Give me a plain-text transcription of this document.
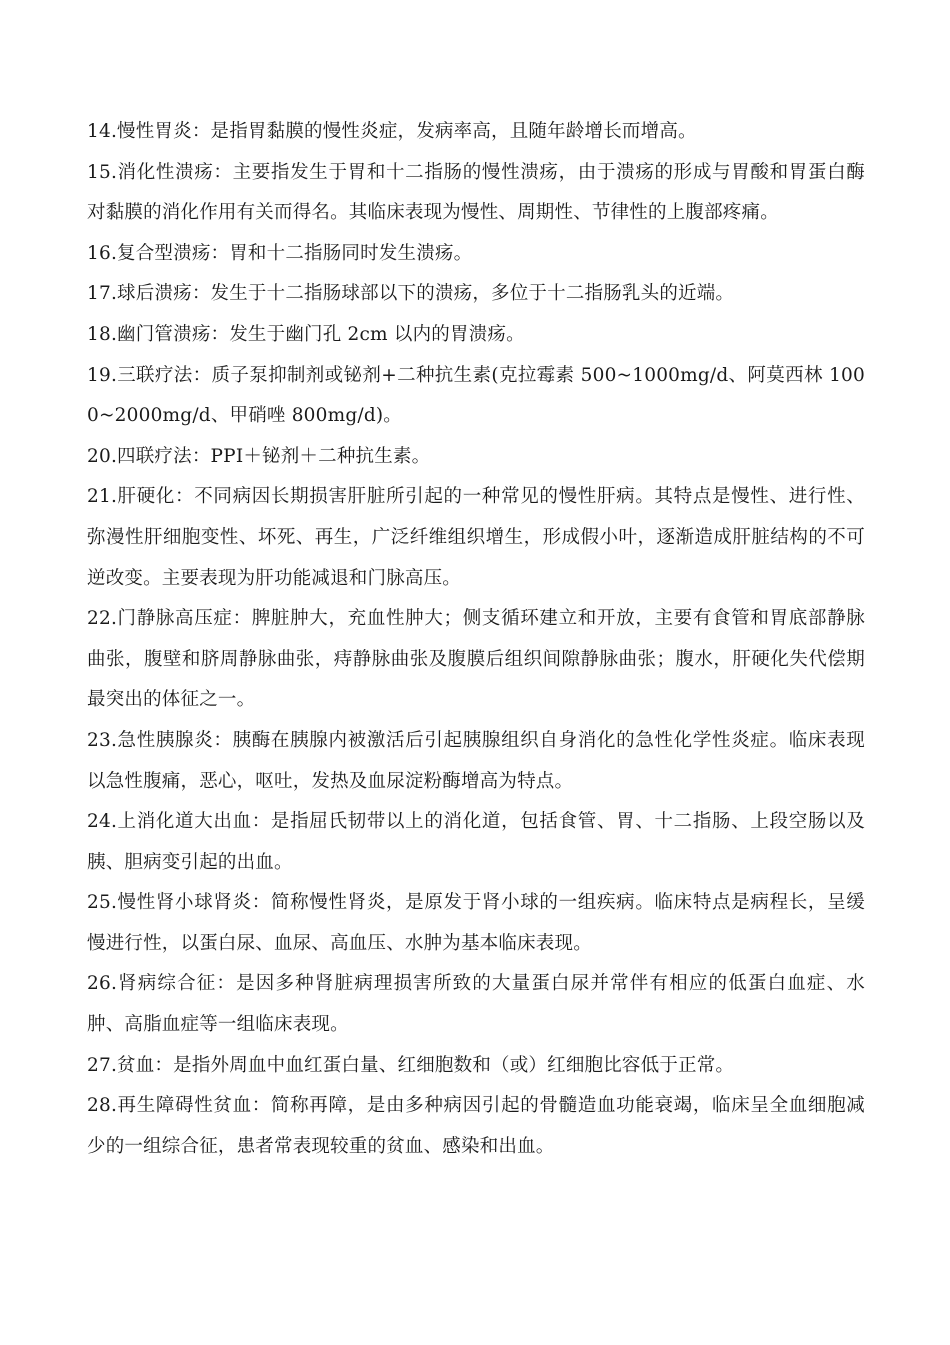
14.慢性胃炎：是指胃黏膜的慢性炎症，发病率高，且随年龄增长而增高。

15.消化性溃疡：主要指发生于胃和十二指肠的慢性溃疡，由于溃疡的形成与胃酸和胃蛋白酶对黏膜的消化作用有关而得名。其临床表现为慢性、周期性、节律性的上腹部疼痛。

16.复合型溃疡：胃和十二指肠同时发生溃疡。

17.球后溃疡：发生于十二指肠球部以下的溃疡，多位于十二指肠乳头的近端。

18.幽门管溃疡：发生于幽门孔 2cm 以内的胃溃疡。

19.三联疗法：质子泵抑制剂或铋剂+二种抗生素(克拉霉素 500~1000mg/d、阿莫西林 1000~2000mg/d、甲硝唑 800mg/d)。

20.四联疗法：PPI＋铋剂＋二种抗生素。

21.肝硬化：不同病因长期损害肝脏所引起的一种常见的慢性肝病。其特点是慢性、进行性、弥漫性肝细胞变性、坏死、再生，广泛纤维组织增生，形成假小叶，逐渐造成肝脏结构的不可逆改变。主要表现为肝功能减退和门脉高压。

22.门静脉高压症：脾脏肿大，充血性肿大；侧支循环建立和开放，主要有食管和胃底部静脉曲张，腹壁和脐周静脉曲张，痔静脉曲张及腹膜后组织间隙静脉曲张；腹水，肝硬化失代偿期最突出的体征之一。

23.急性胰腺炎：胰酶在胰腺内被激活后引起胰腺组织自身消化的急性化学性炎症。临床表现以急性腹痛，恶心，呕吐，发热及血尿淀粉酶增高为特点。

24.上消化道大出血：是指屈氏韧带以上的消化道，包括食管、胃、十二指肠、上段空肠以及胰、胆病变引起的出血。

25.慢性肾小球肾炎：简称慢性肾炎，是原发于肾小球的一组疾病。临床特点是病程长，呈缓慢进行性，以蛋白尿、血尿、高血压、水肿为基本临床表现。

26.肾病综合征：是因多种肾脏病理损害所致的大量蛋白尿并常伴有相应的低蛋白血症、水肿、高脂血症等一组临床表现。

27.贫血：是指外周血中血红蛋白量、红细胞数和（或）红细胞比容低于正常。

28.再生障碍性贫血：简称再障，是由多种病因引起的骨髓造血功能衰竭，临床呈全血细胞减少的一组综合征，患者常表现较重的贫血、感染和出血。
